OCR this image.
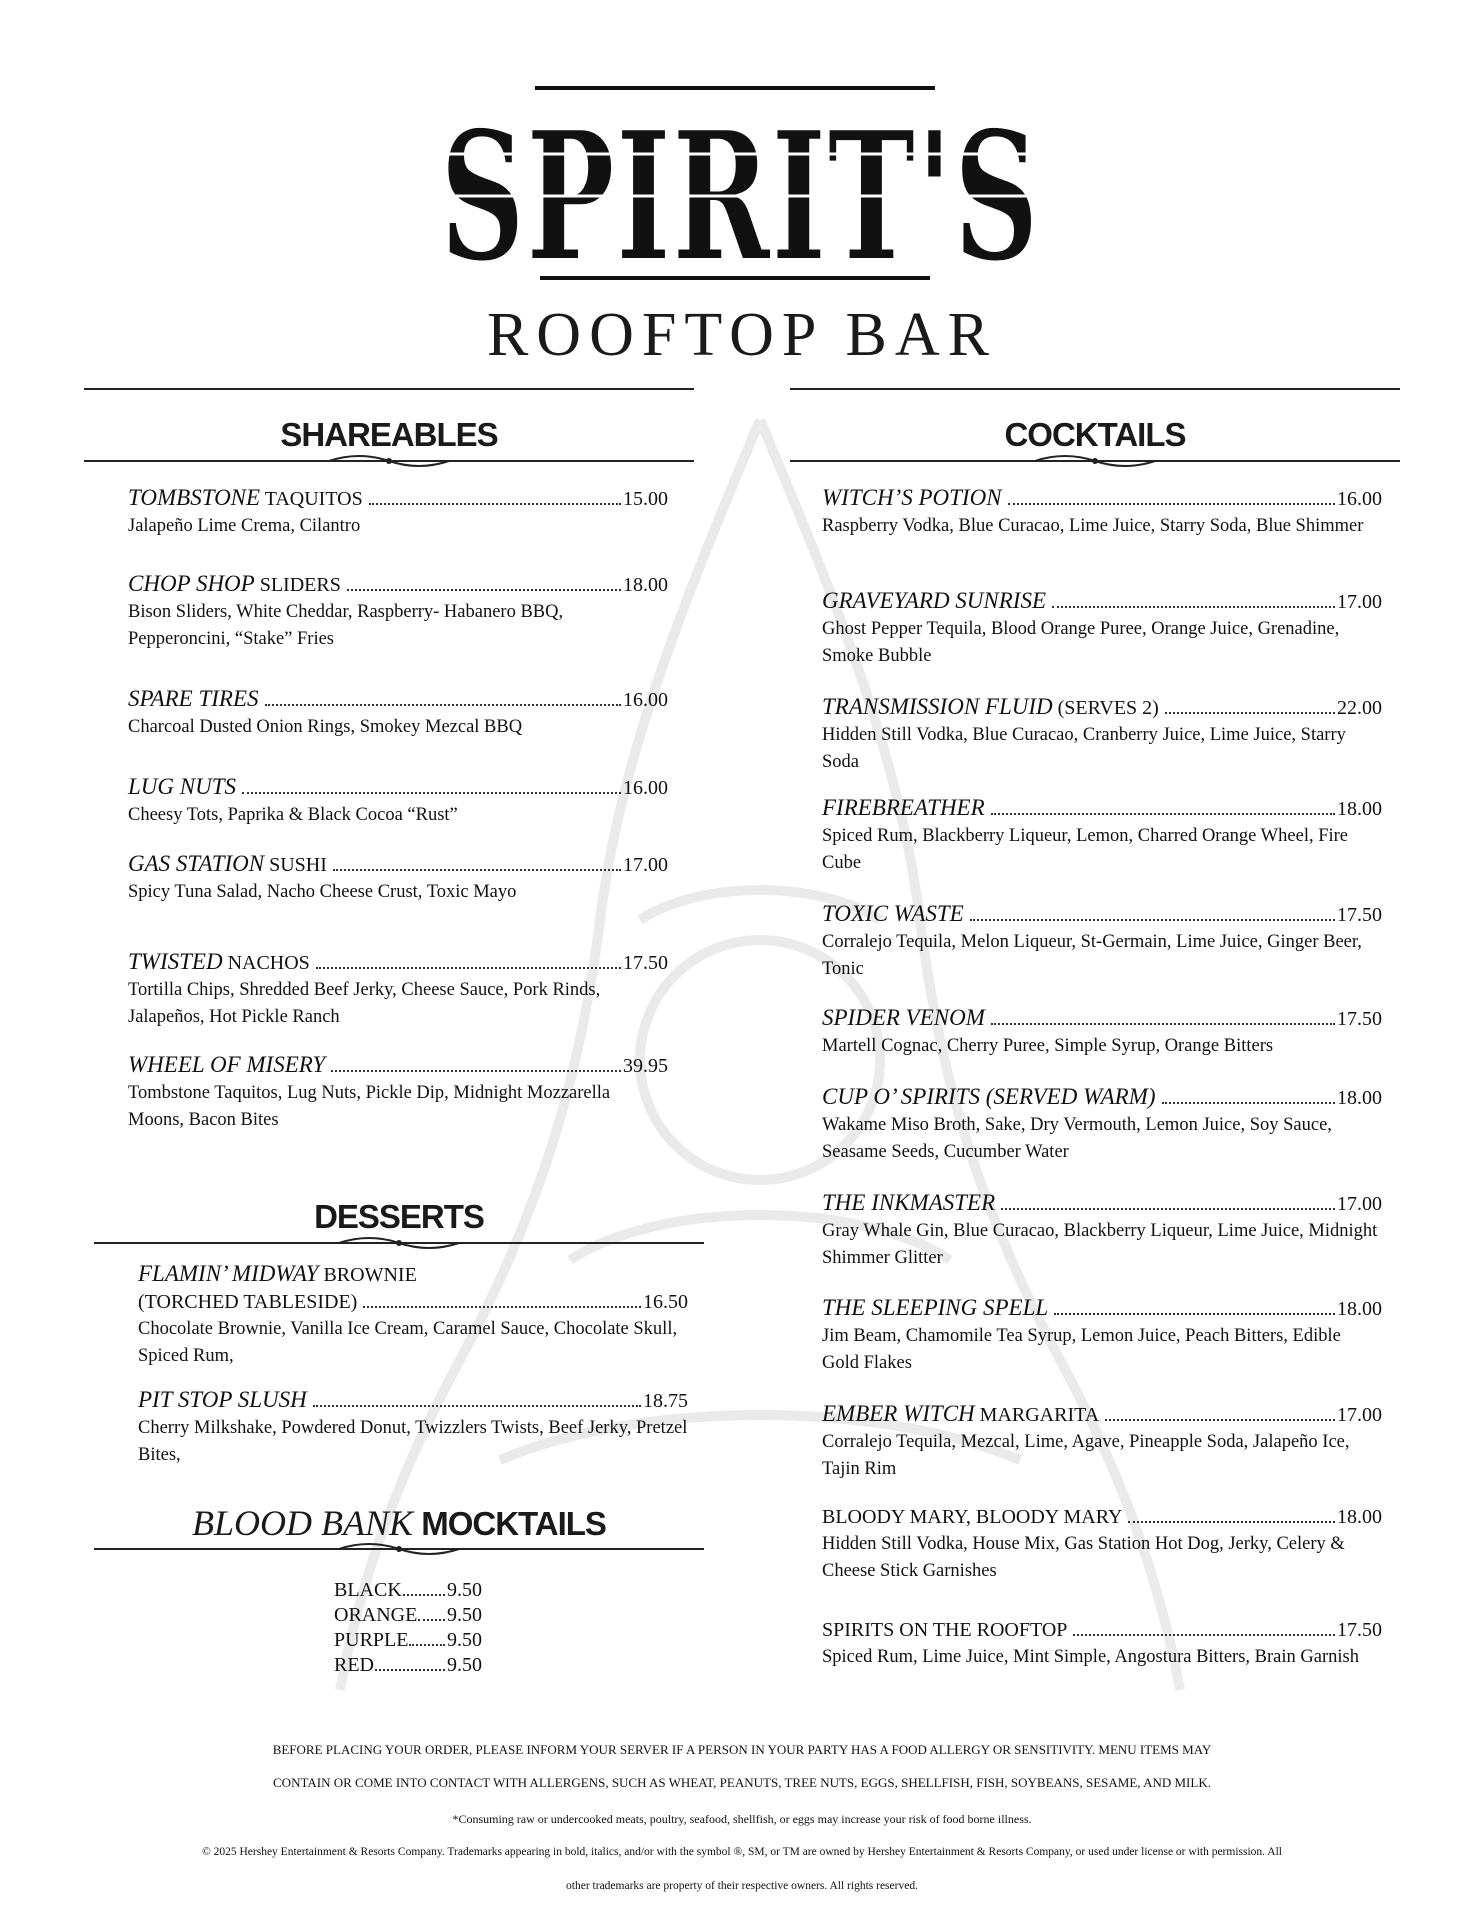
SPIRIT'S
ROOFTOP BAR
SHAREABLES
TOMBSTONE TAQUITOS	15.00
Jalapeño Lime Crema, Cilantro
CHOP SHOP SLIDERS	18.00
Bison Sliders, White Cheddar, Raspberry- Habanero BBQ, Pepperoncini, “Stake” Fries
SPARE TIRES	16.00
Charcoal Dusted Onion Rings, Smokey Mezcal BBQ
LUG NUTS	16.00
Cheesy Tots, Paprika & Black Cocoa “Rust”
GAS STATION SUSHI	17.00
Spicy Tuna Salad, Nacho Cheese Crust, Toxic Mayo
TWISTED NACHOS	17.50
Tortilla Chips, Shredded Beef Jerky, Cheese Sauce, Pork Rinds, Jalapeños, Hot Pickle Ranch
WHEEL OF MISERY	39.95
Tombstone Taquitos, Lug Nuts, Pickle Dip, Midnight Mozzarella Moons, Bacon Bites
DESSERTS
FLAMIN’ MIDWAY BROWNIE
(TORCHED TABLESIDE)	16.50
Chocolate Brownie, Vanilla Ice Cream, Caramel Sauce, Chocolate Skull, Spiced Rum,
PIT STOP SLUSH	18.75
Cherry Milkshake, Powdered Donut, Twizzlers Twists, Beef Jerky, Pretzel Bites,
BLOOD BANK MOCKTAILS
BLACK 9.50
ORANGE 9.50
PURPLE 9.50
RED	9.50
COCKTAILS
WITCH’S POTION	16.00
Raspberry Vodka, Blue Curacao, Lime Juice, Starry Soda, Blue Shimmer
GRAVEYARD SUNRISE	17.00
Ghost Pepper Tequila, Blood Orange Puree, Orange Juice, Grenadine, Smoke Bubble
TRANSMISSION FLUID (SERVES 2)	22.00
Hidden Still Vodka, Blue Curacao, Cranberry Juice, Lime Juice, Starry Soda
FIREBREATHER	18.00
Spiced Rum, Blackberry Liqueur, Lemon, Charred Orange Wheel, Fire Cube
TOXIC WASTE	17.50
Corralejo Tequila, Melon Liqueur, St-Germain, Lime Juice, Ginger Beer, Tonic
SPIDER VENOM	17.50
Martell Cognac, Cherry Puree, Simple Syrup, Orange Bitters
CUP O’ SPIRITS (SERVED WARM)	18.00
Wakame Miso Broth, Sake, Dry Vermouth, Lemon Juice, Soy Sauce, Seasame Seeds, Cucumber Water
THE INKMASTER	17.00
Gray Whale Gin, Blue Curacao, Blackberry Liqueur, Lime Juice, Midnight Shimmer Glitter
THE SLEEPING SPELL	18.00
Jim Beam, Chamomile Tea Syrup, Lemon Juice, Peach Bitters, Edible Gold Flakes
EMBER WITCH MARGARITA	17.00
Corralejo Tequila, Mezcal, Lime, Agave, Pineapple Soda, Jalapeño Ice, Tajin Rim
BLOODY MARY, BLOODY MARY	18.00
Hidden Still Vodka, House Mix, Gas Station Hot Dog, Jerky, Celery & Cheese Stick Garnishes
SPIRITS ON THE ROOFTOP	17.50
Spiced Rum, Lime Juice, Mint Simple, Angostura Bitters, Brain Garnish
BEFORE PLACING YOUR ORDER, PLEASE INFORM YOUR SERVER IF A PERSON IN YOUR PARTY HAS A FOOD ALLERGY OR SENSITIVITY. MENU ITEMS MAY
CONTAIN OR COME INTO CONTACT WITH ALLERGENS, SUCH AS WHEAT, PEANUTS, TREE NUTS, EGGS, SHELLFISH, FISH, SOYBEANS, SESAME, AND MILK.
*Consuming raw or undercooked meats, poultry, seafood, shellfish, or eggs may increase your risk of food borne illness.
© 2025 Hershey Entertainment & Resorts Company. Trademarks appearing in bold, italics, and/or with the symbol ®, SM, or TM are owned by Hershey Entertainment & Resorts Company, or used under license or with permission. All
other trademarks are property of their respective owners. All rights reserved.
